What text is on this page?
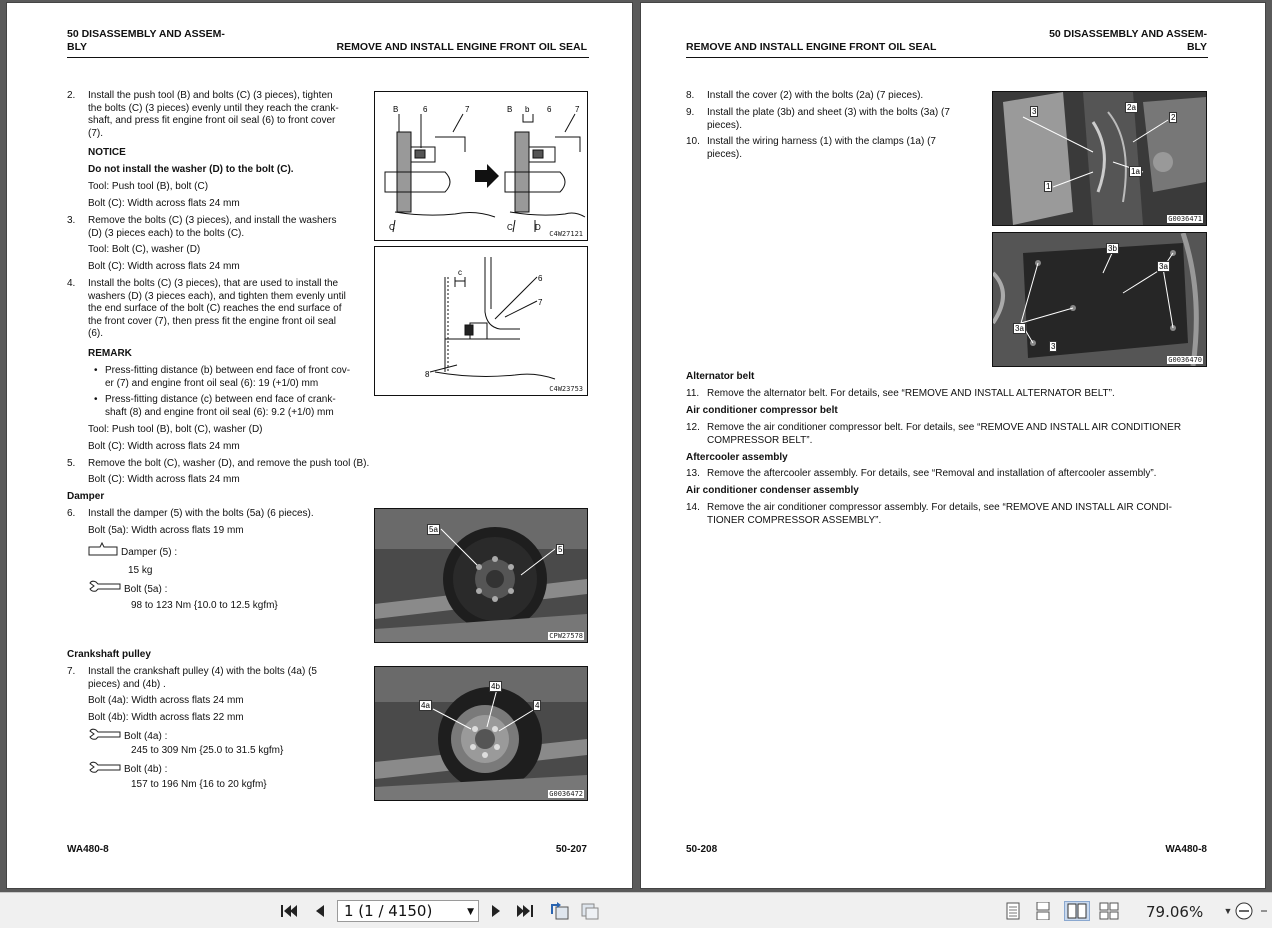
50 DISASSEMBLY AND ASSEM-
BLY	REMOVE AND INSTALL ENGINE FRONT OIL SEAL
2. Install the push tool (B) and bolts (C) (3 pieces), tighten
the bolts (C) (3 pieces) evenly until they reach the crank-
shaft, and press fit engine front oil seal (6) to front cover
(7).
NOTICE
Do not install the washer (D) to the bolt (C).
Tool: Push tool (B), bolt (C)
Bolt (C): Width across flats 24 mm
3. Remove the bolts (C) (3 pieces), and install the washers
(D) (3 pieces each) to the bolts (C).
Tool: Bolt (C), washer (D)
Bolt (C): Width across flats 24 mm
4. Install the bolts (C) (3 pieces), that are used to install the
washers (D) (3 pieces each), and tighten them evenly until
the end surface of the bolt (C) reaches the end surface of
the front cover (7), then press fit the engine front oil seal
(6).
REMARK
• Press-fitting distance (b) between end face of front cov-
er (7) and engine front oil seal (6): 19 (+1/0) mm
• Press-fitting distance (c) between end face of crank-
shaft (8) and engine front oil seal (6): 9.2 (+1/0) mm
Tool: Push tool (B), bolt (C), washer (D)
Bolt (C): Width across flats 24 mm
5. Remove the bolt (C), washer (D), and remove the push tool (B).
Bolt (C): Width across flats 24 mm
Damper
6. Install the damper (5) with the bolts (5a) (6 pieces).
Bolt (5a): Width across flats 19 mm
Damper (5) :
15 kg
Bolt (5a) :
98 to 123 Nm {10.0 to 12.5 kgfm}
Crankshaft pulley
7. Install the crankshaft pulley (4) with the bolts (4a) (5
pieces) and (4b) .
Bolt (4a): Width across flats 24 mm
Bolt (4b): Width across flats 22 mm
Bolt (4a) :
245 to 309 Nm {25.0 to 31.5 kgfm}
Bolt (4b) :
157 to 196 Nm {16 to 20 kgfm}
B	6	7	B b 6	7
C	C	D
C4W27121
c
6
7
8
C4W23753
5a
5
CPW27578
4b
4a	4
G0036472
WA480-8	50-207
50 DISASSEMBLY AND ASSEM-
BLY
REMOVE AND INSTALL ENGINE FRONT OIL SEAL
8. Install the cover (2) with the bolts (2a) (7 pieces).
9. Install the plate (3b) and sheet (3) with the bolts (3a) (7
pieces).
10. Install the wiring harness (1) with the clamps (1a) (7
pieces).
3	2a
2
1a
1
G0036471
3b
3a
3a
3
G0036470
Alternator belt
11. Remove the alternator belt. For details, see “REMOVE AND INSTALL ALTERNATOR BELT”.
Air conditioner compressor belt
12. Remove the air conditioner compressor belt. For details, see “REMOVE AND INSTALL AIR CONDITIONER
COMPRESSOR BELT”.
Aftercooler assembly
13. Remove the aftercooler assembly. For details, see “Removal and installation of aftercooler assembly”.
Air conditioner condenser assembly
14. Remove the air conditioner compressor assembly. For details, see “REMOVE AND INSTALL AIR CONDI-
TIONER COMPRESSOR ASSEMBLY”.
50-208	WA480-8
1 (1 / 4150)	▼	79.06%	▼
